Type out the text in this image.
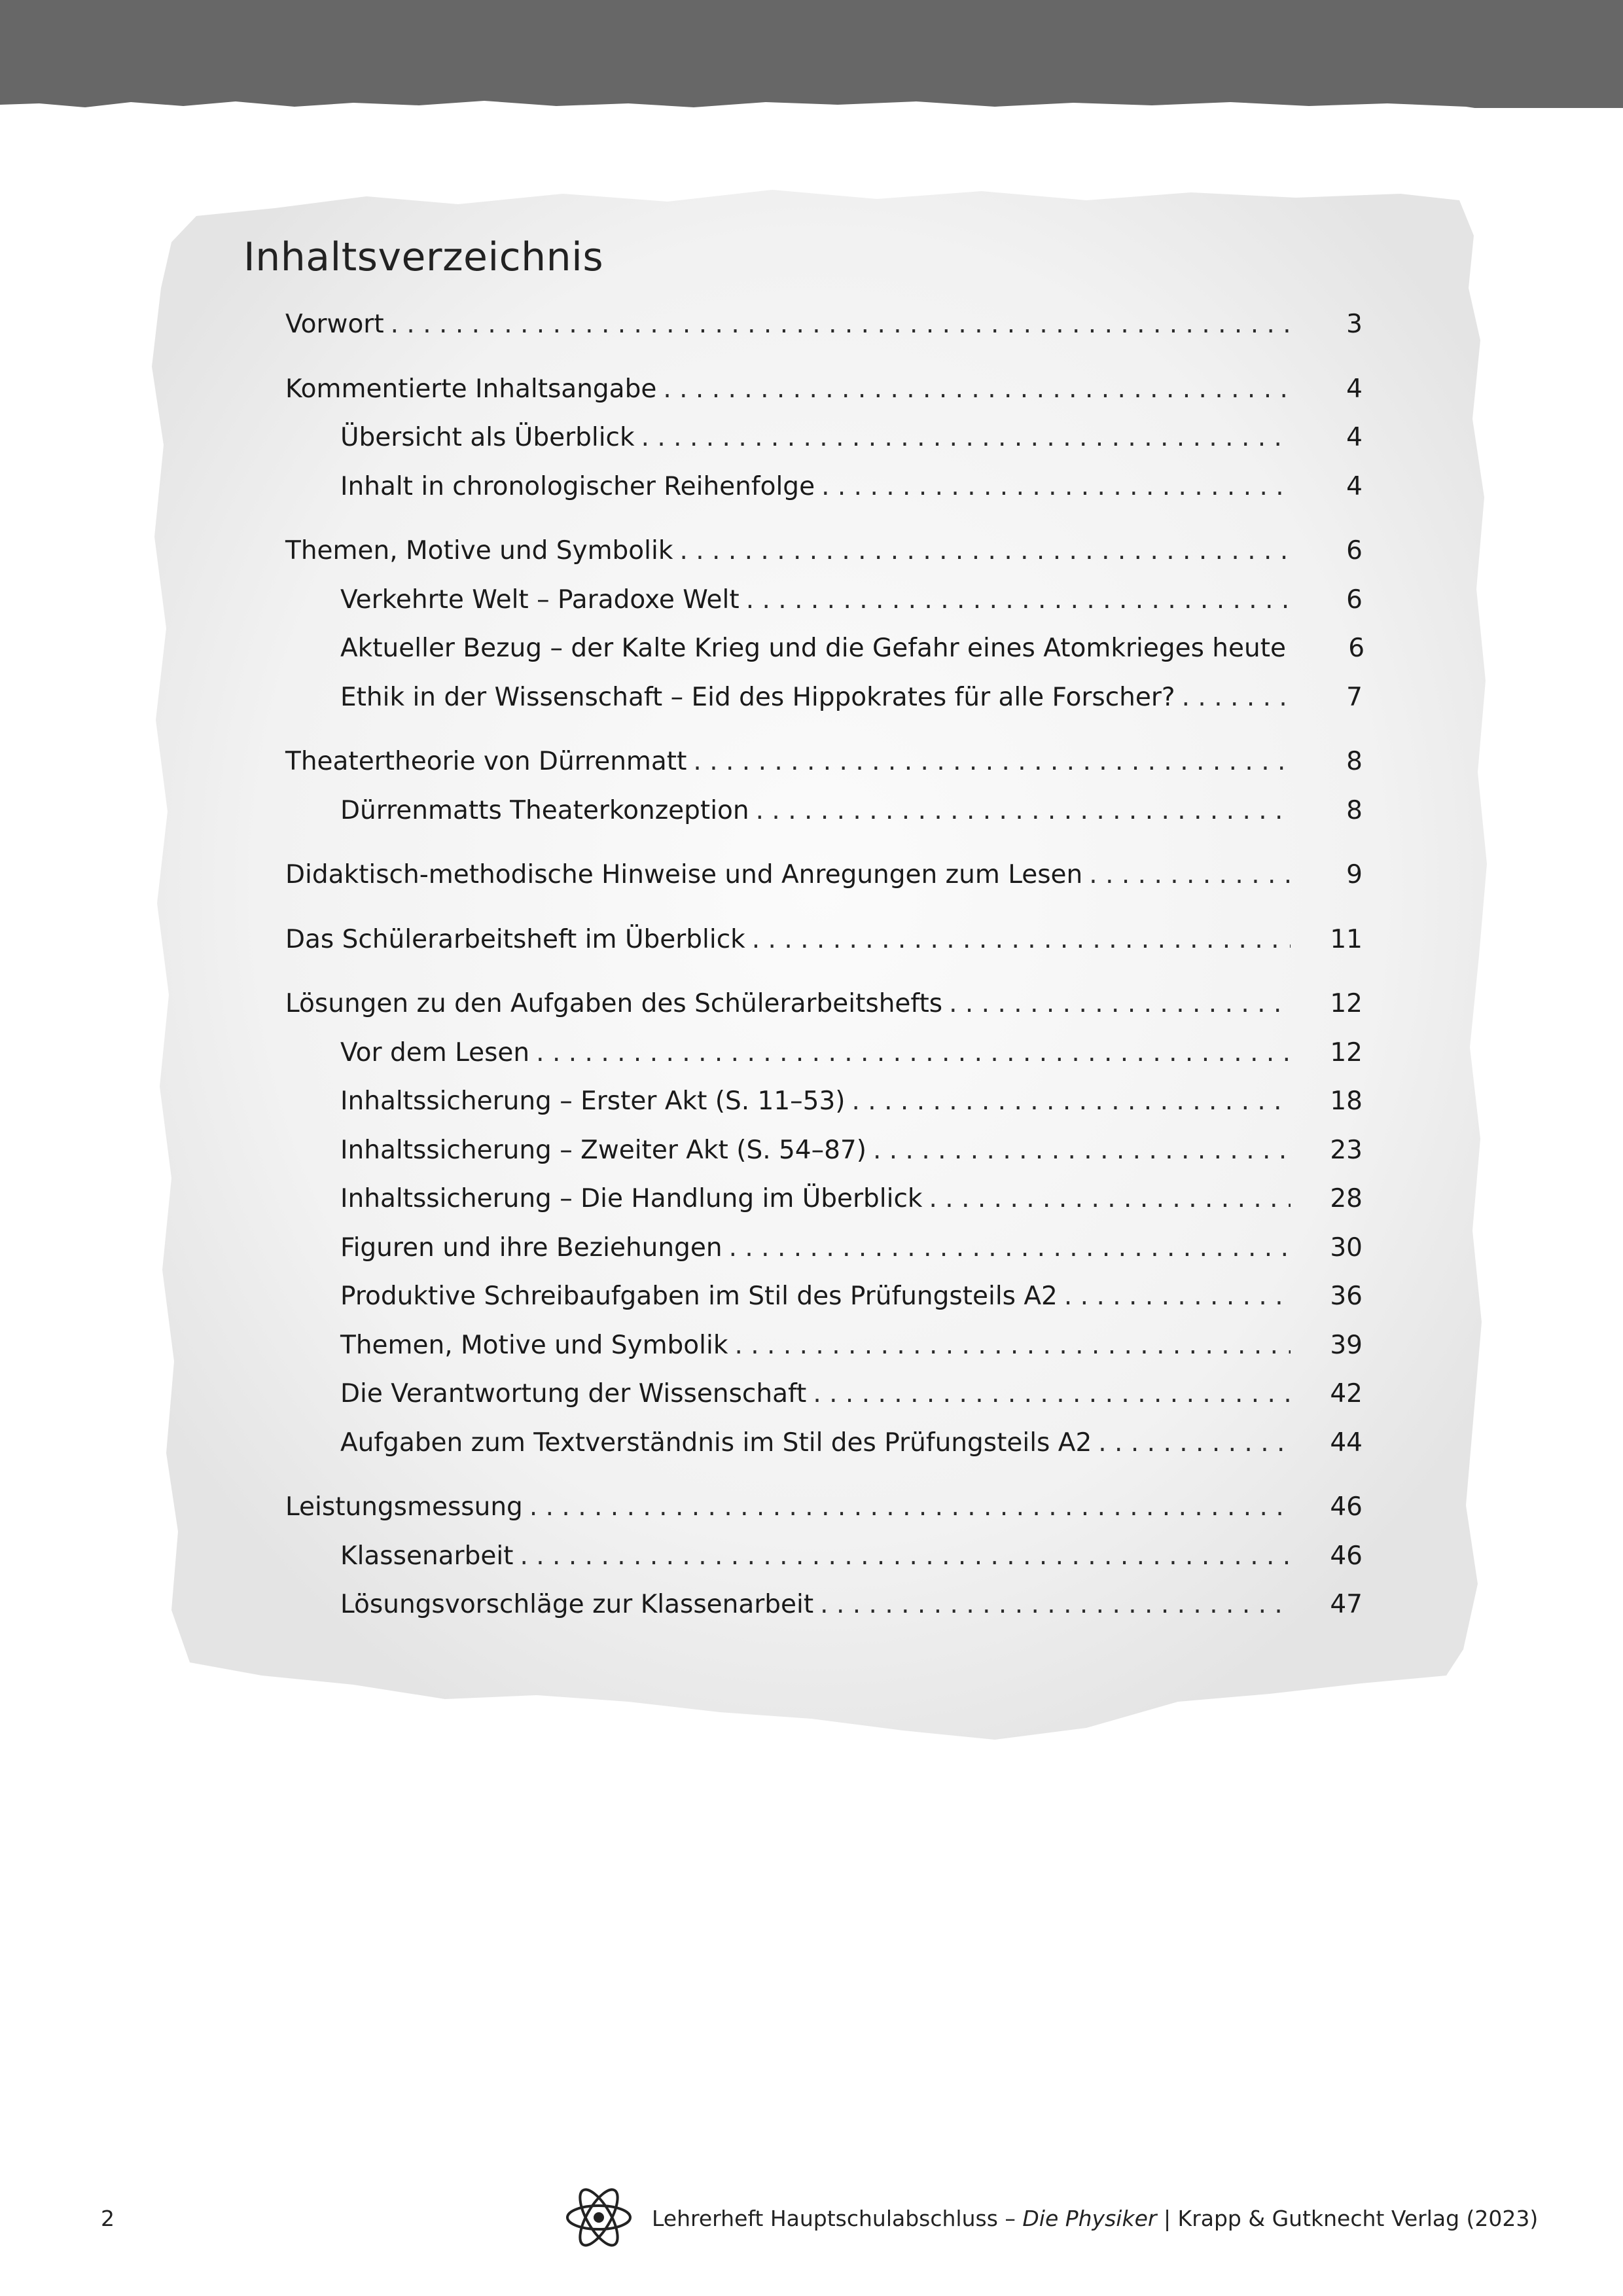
Inhaltsverzeichnis
Vorwort . . .	3
Kommentierte Inhaltsangabe . . .	4
Übersicht als Überblick . . .	4
Inhalt in chronologischer Reihenfolge . . .	4
Themen, Motive und Symbolik . . .	6
Verkehrte Welt – Paradoxe Welt . . .	6
Aktueller Bezug – der Kalte Krieg und die Gefahr eines Atomkrieges heute	6
Ethik in der Wissenschaft – Eid des Hippokrates für alle Forscher? . . .	7
Theatertheorie von Dürrenmatt . . .	8
Dürrenmatts Theaterkonzeption . . .	8
Didaktisch-methodische Hinweise und Anregungen zum Lesen . . .	9
Das Schülerarbeitsheft im Überblick . . .	11
Lösungen zu den Aufgaben des Schülerarbeitshefts . . .	12
Vor dem Lesen . . .	12
Inhaltssicherung – Erster Akt (S. 11–53) . . .	18
Inhaltssicherung – Zweiter Akt (S. 54–87) . . .	23
Inhaltssicherung – Die Handlung im Überblick . . .	28
Figuren und ihre Beziehungen . . .	30
Produktive Schreibaufgaben im Stil des Prüfungsteils A2 . . .	36
Themen, Motive und Symbolik . . .	39
Die Verantwortung der Wissenschaft . . .	42
Aufgaben zum Textverständnis im Stil des Prüfungsteils A2 . . .	44
Leistungsmessung . . .	46
Klassenarbeit . . .	46
Lösungsvorschläge zur Klassenarbeit . . .	47
2	Lehrerheft Hauptschulabschluss – Die Physiker | Krapp & Gutknecht Verlag (2023)
